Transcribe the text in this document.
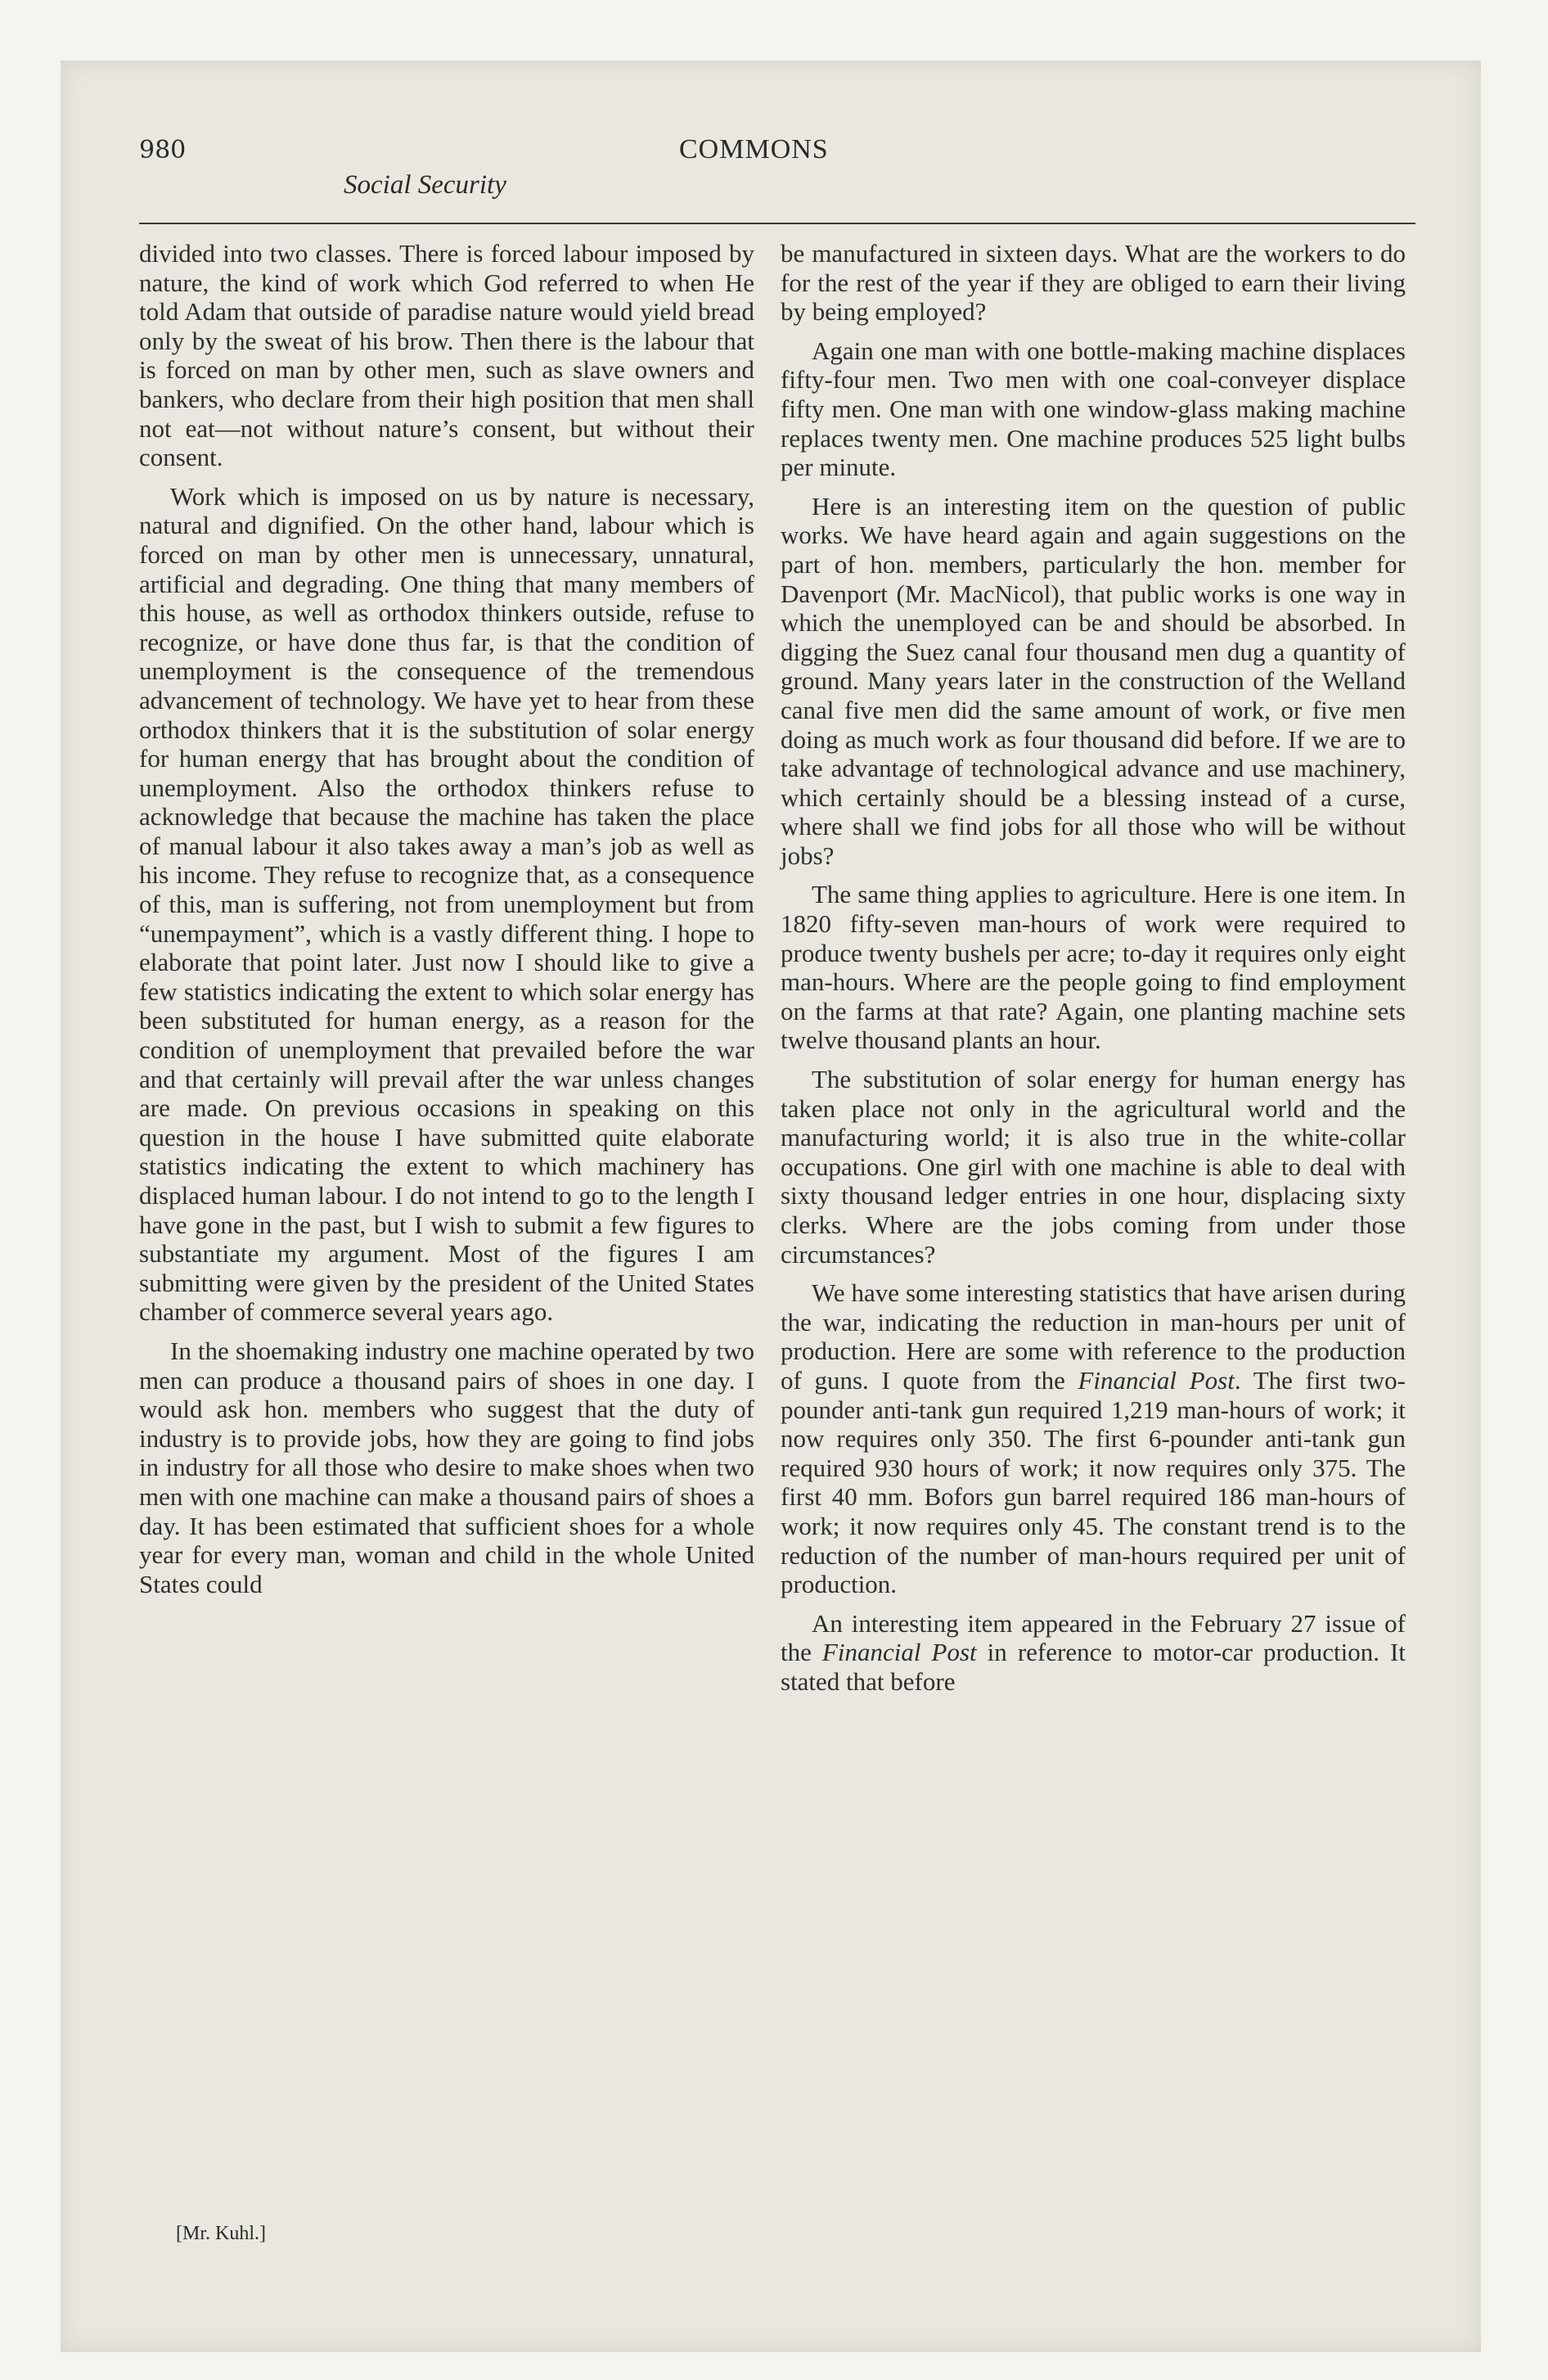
980
Social Security
COMMONS

divided into two classes. There is forced labour imposed by nature, the kind of work which God referred to when He told Adam that outside of paradise nature would yield bread only by the sweat of his brow. Then there is the labour that is forced on man by other men, such as slave owners and bankers, who declare from their high position that men shall not eat—not without nature’s consent, but without their consent.

Work which is imposed on us by nature is necessary, natural and dignified. On the other hand, labour which is forced on man by other men is unnecessary, unnatural, artificial and degrading. One thing that many members of this house, as well as orthodox thinkers outside, refuse to recognize, or have done thus far, is that the condition of unemployment is the consequence of the tremendous advancement of technology. We have yet to hear from these orthodox thinkers that it is the substitution of solar energy for human energy that has brought about the condition of unemployment. Also the orthodox thinkers refuse to acknowledge that because the machine has taken the place of manual labour it also takes away a man’s job as well as his income. They refuse to recognize that, as a consequence of this, man is suffering, not from unemployment but from “unempayment”, which is a vastly different thing. I hope to elaborate that point later. Just now I should like to give a few statistics indicating the extent to which solar energy has been substituted for human energy, as a reason for the condition of unemployment that prevailed before the war and that certainly will prevail after the war unless changes are made. On previous occasions in speaking on this question in the house I have submitted quite elaborate statistics indicating the extent to which machinery has displaced human labour. I do not intend to go to the length I have gone in the past, but I wish to submit a few figures to substantiate my argument. Most of the figures I am submitting were given by the president of the United States chamber of commerce several years ago.

In the shoemaking industry one machine operated by two men can produce a thousand pairs of shoes in one day. I would ask hon. members who suggest that the duty of industry is to provide jobs, how they are going to find jobs in industry for all those who desire to make shoes when two men with one machine can make a thousand pairs of shoes a day. It has been estimated that sufficient shoes for a whole year for every man, woman and child in the whole United States could

be manufactured in sixteen days. What are the workers to do for the rest of the year if they are obliged to earn their living by being employed?

Again one man with one bottle-making machine displaces fifty-four men. Two men with one coal-conveyer displace fifty men. One man with one window-glass making machine replaces twenty men. One machine produces 525 light bulbs per minute.

Here is an interesting item on the question of public works. We have heard again and again suggestions on the part of hon. members, particularly the hon. member for Davenport (Mr. MacNicol), that public works is one way in which the unemployed can be and should be absorbed. In digging the Suez canal four thousand men dug a quantity of ground. Many years later in the construction of the Welland canal five men did the same amount of work, or five men doing as much work as four thousand did before. If we are to take advantage of technological advance and use machinery, which certainly should be a blessing instead of a curse, where shall we find jobs for all those who will be without jobs?

The same thing applies to agriculture. Here is one item. In 1820 fifty-seven man-hours of work were required to produce twenty bushels per acre; to-day it requires only eight man-hours. Where are the people going to find employment on the farms at that rate? Again, one planting machine sets twelve thousand plants an hour.

The substitution of solar energy for human energy has taken place not only in the agricultural world and the manufacturing world; it is also true in the white-collar occupations. One girl with one machine is able to deal with sixty thousand ledger entries in one hour, displacing sixty clerks. Where are the jobs coming from under those circumstances?

We have some interesting statistics that have arisen during the war, indicating the reduction in man-hours per unit of production. Here are some with reference to the production of guns. I quote from the Financial Post. The first two-pounder anti-tank gun required 1,219 man-hours of work; it now requires only 350. The first 6-pounder anti-tank gun required 930 hours of work; it now requires only 375. The first 40 mm. Bofors gun barrel required 186 man-hours of work; it now requires only 45. The constant trend is to the reduction of the number of man-hours required per unit of production.

An interesting item appeared in the February 27 issue of the Financial Post in reference to motor-car production. It stated that before

[Mr. Kuhl.]
